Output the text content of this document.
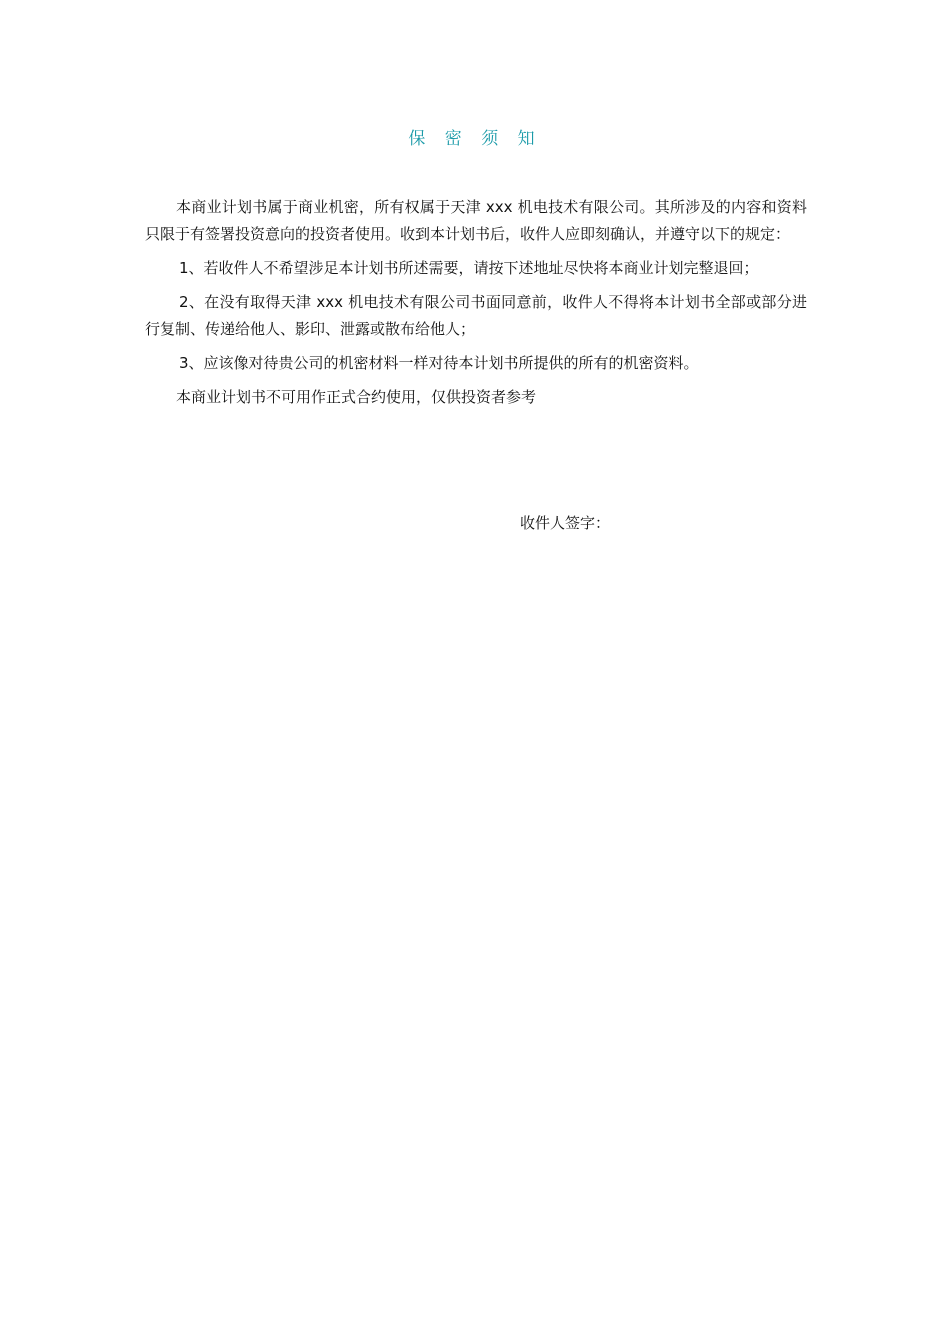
保 密 须 知

本商业计划书属于商业机密，所有权属于天津 xxx 机电技术有限公司。其所涉及的内容和资料只限于有签署投资意向的投资者使用。收到本计划书后，收件人应即刻确认，并遵守以下的规定：

1、若收件人不希望涉足本计划书所述需要，请按下述地址尽快将本商业计划完整退回；

2、在没有取得天津 xxx 机电技术有限公司书面同意前，收件人不得将本计划书全部或部分进行复制、传递给他人、影印、泄露或散布给他人；

3、应该像对待贵公司的机密材料一样对待本计划书所提供的所有的机密资料。

本商业计划书不可用作正式合约使用，仅供投资者参考

收件人签字：
